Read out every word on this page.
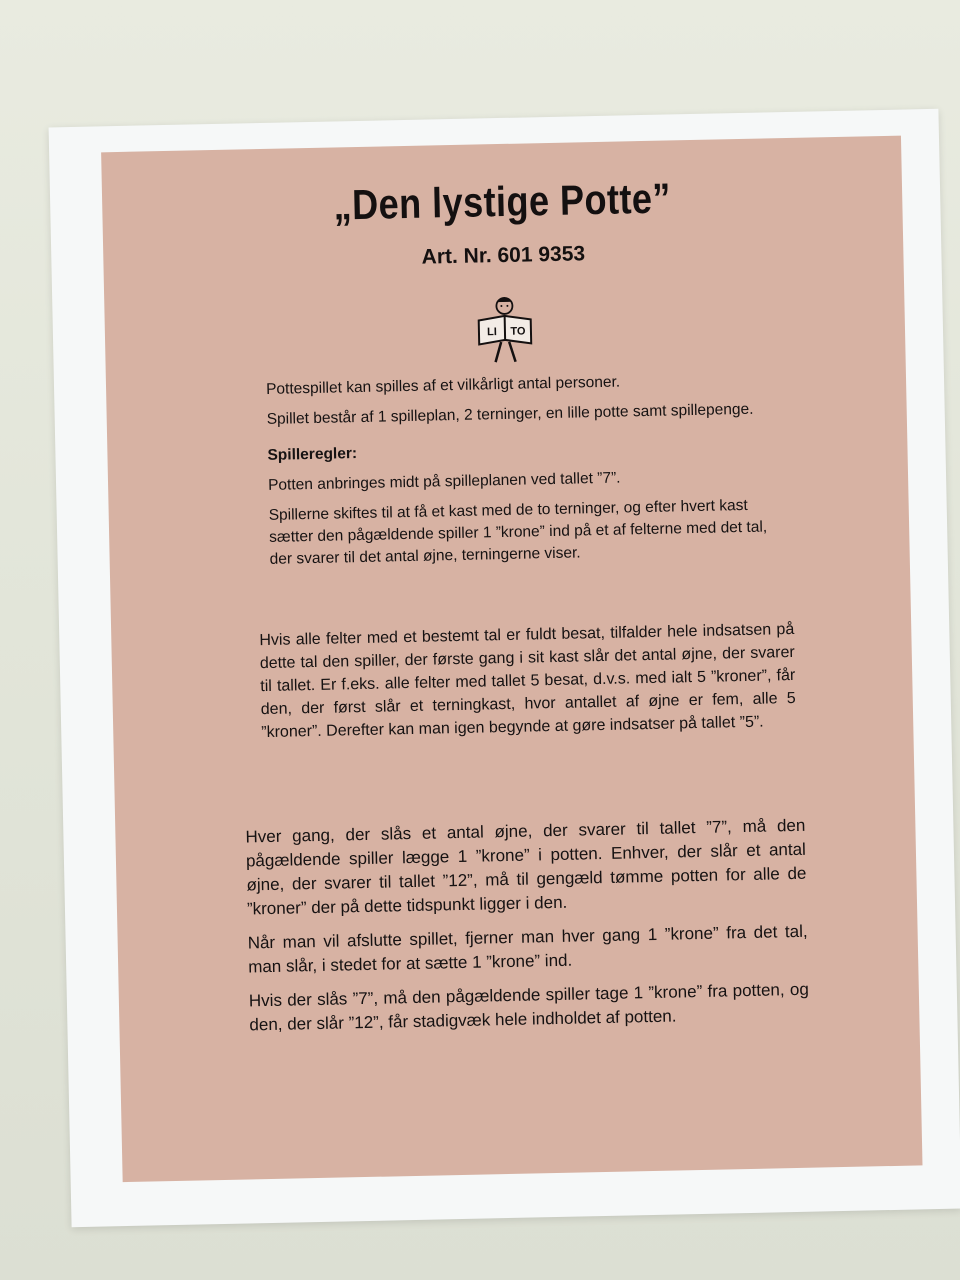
„Den lystige Potte”
Art. Nr. 601 9353
LI TO

Pottespillet kan spilles af et vilkårligt antal personer.

Spillet består af 1 spilleplan, 2 terninger, en lille potte samt spillepenge.

Spilleregler:

Potten anbringes midt på spilleplanen ved tallet ”7”.

Spillerne skiftes til at få et kast med de to terninger, og efter hvert kast sætter den pågældende spiller 1 ”krone” ind på et af felterne med det tal, der svarer til det antal øjne, terningerne viser.

Hvis alle felter med et bestemt tal er fuldt besat, tilfalder hele indsatsen på dette tal den spiller, der første gang i sit kast slår det antal øjne, der svarer til tallet. Er f.eks. alle felter med tallet 5 besat, d.v.s. med ialt 5 ”kroner”, får den, der først slår et terningkast, hvor antallet af øjne er fem, alle 5 ”kroner”. Derefter kan man igen begynde at gøre indsatser på tallet ”5”.

Hver gang, der slås et antal øjne, der svarer til tallet ”7”, må den pågældende spiller lægge 1 ”krone” i potten. Enhver, der slår et antal øjne, der svarer til tallet ”12”, må til gengæld tømme potten for alle de ”kroner” der på dette tidspunkt ligger i den.

Når man vil afslutte spillet, fjerner man hver gang 1 ”krone” fra det tal, man slår, i stedet for at sætte 1 ”krone” ind.

Hvis der slås ”7”, må den pågældende spiller tage 1 ”krone” fra potten, og den, der slår ”12”, får stadigvæk hele indholdet af potten.
